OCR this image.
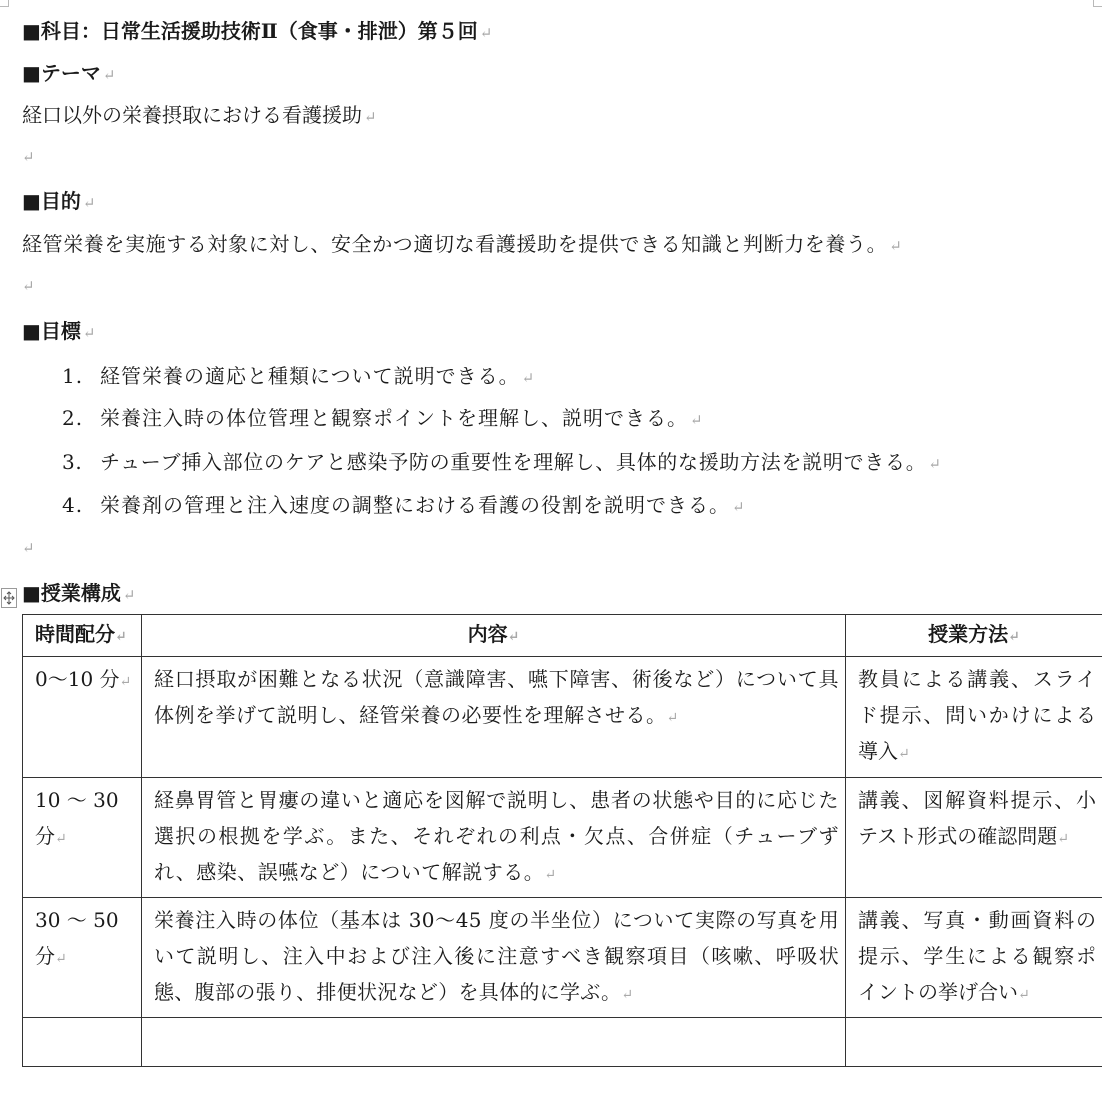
■科目：日常生活援助技術Ⅱ（食事・排泄）第５回 ↵
■テーマ ↵
経口以外の栄養摂取における看護援助 ↵
↵
■目的 ↵
経管栄養を実施する対象に対し、安全かつ適切な看護援助を提供できる知識と判断力を養う。 ↵
↵
■目標 ↵
1. 経管栄養の適応と種類について説明できる。 ↵
2. 栄養注入時の体位管理と観察ポイントを理解し、説明できる。 ↵
3. チューブ挿入部位のケアと感染予防の重要性を理解し、具体的な援助方法を説明できる。 ↵
4. 栄養剤の管理と注入速度の調整における看護の役割を説明できる。 ↵
↵
■授業構成 ↵
時間配分↵	内容↵	授業方法↵
0〜10 分↵	経口摂取が困難となる状況（意識障害、嚥下障害、術後など）について具体例を挙げて説明し、経管栄養の必要性を理解させる。↵	教員による講義、スライド提示、問いかけによる導入↵
10 〜 30 分↵	経鼻胃管と胃瘻の違いと適応を図解で説明し、患者の状態や目的に応じた選択の根拠を学ぶ。また、それぞれの利点・欠点、合併症（チューブずれ、感染、誤嚥など）について解説する。↵	講義、図解資料提示、小テスト形式の確認問題↵
30 〜 50 分↵	栄養注入時の体位（基本は 30〜45 度の半坐位）について実際の写真を用いて説明し、注入中および注入後に注意すべき観察項目（咳嗽、呼吸状態、腹部の張り、排便状況など）を具体的に学ぶ。↵	講義、写真・動画資料の提示、学生による観察ポイントの挙げ合い↵
